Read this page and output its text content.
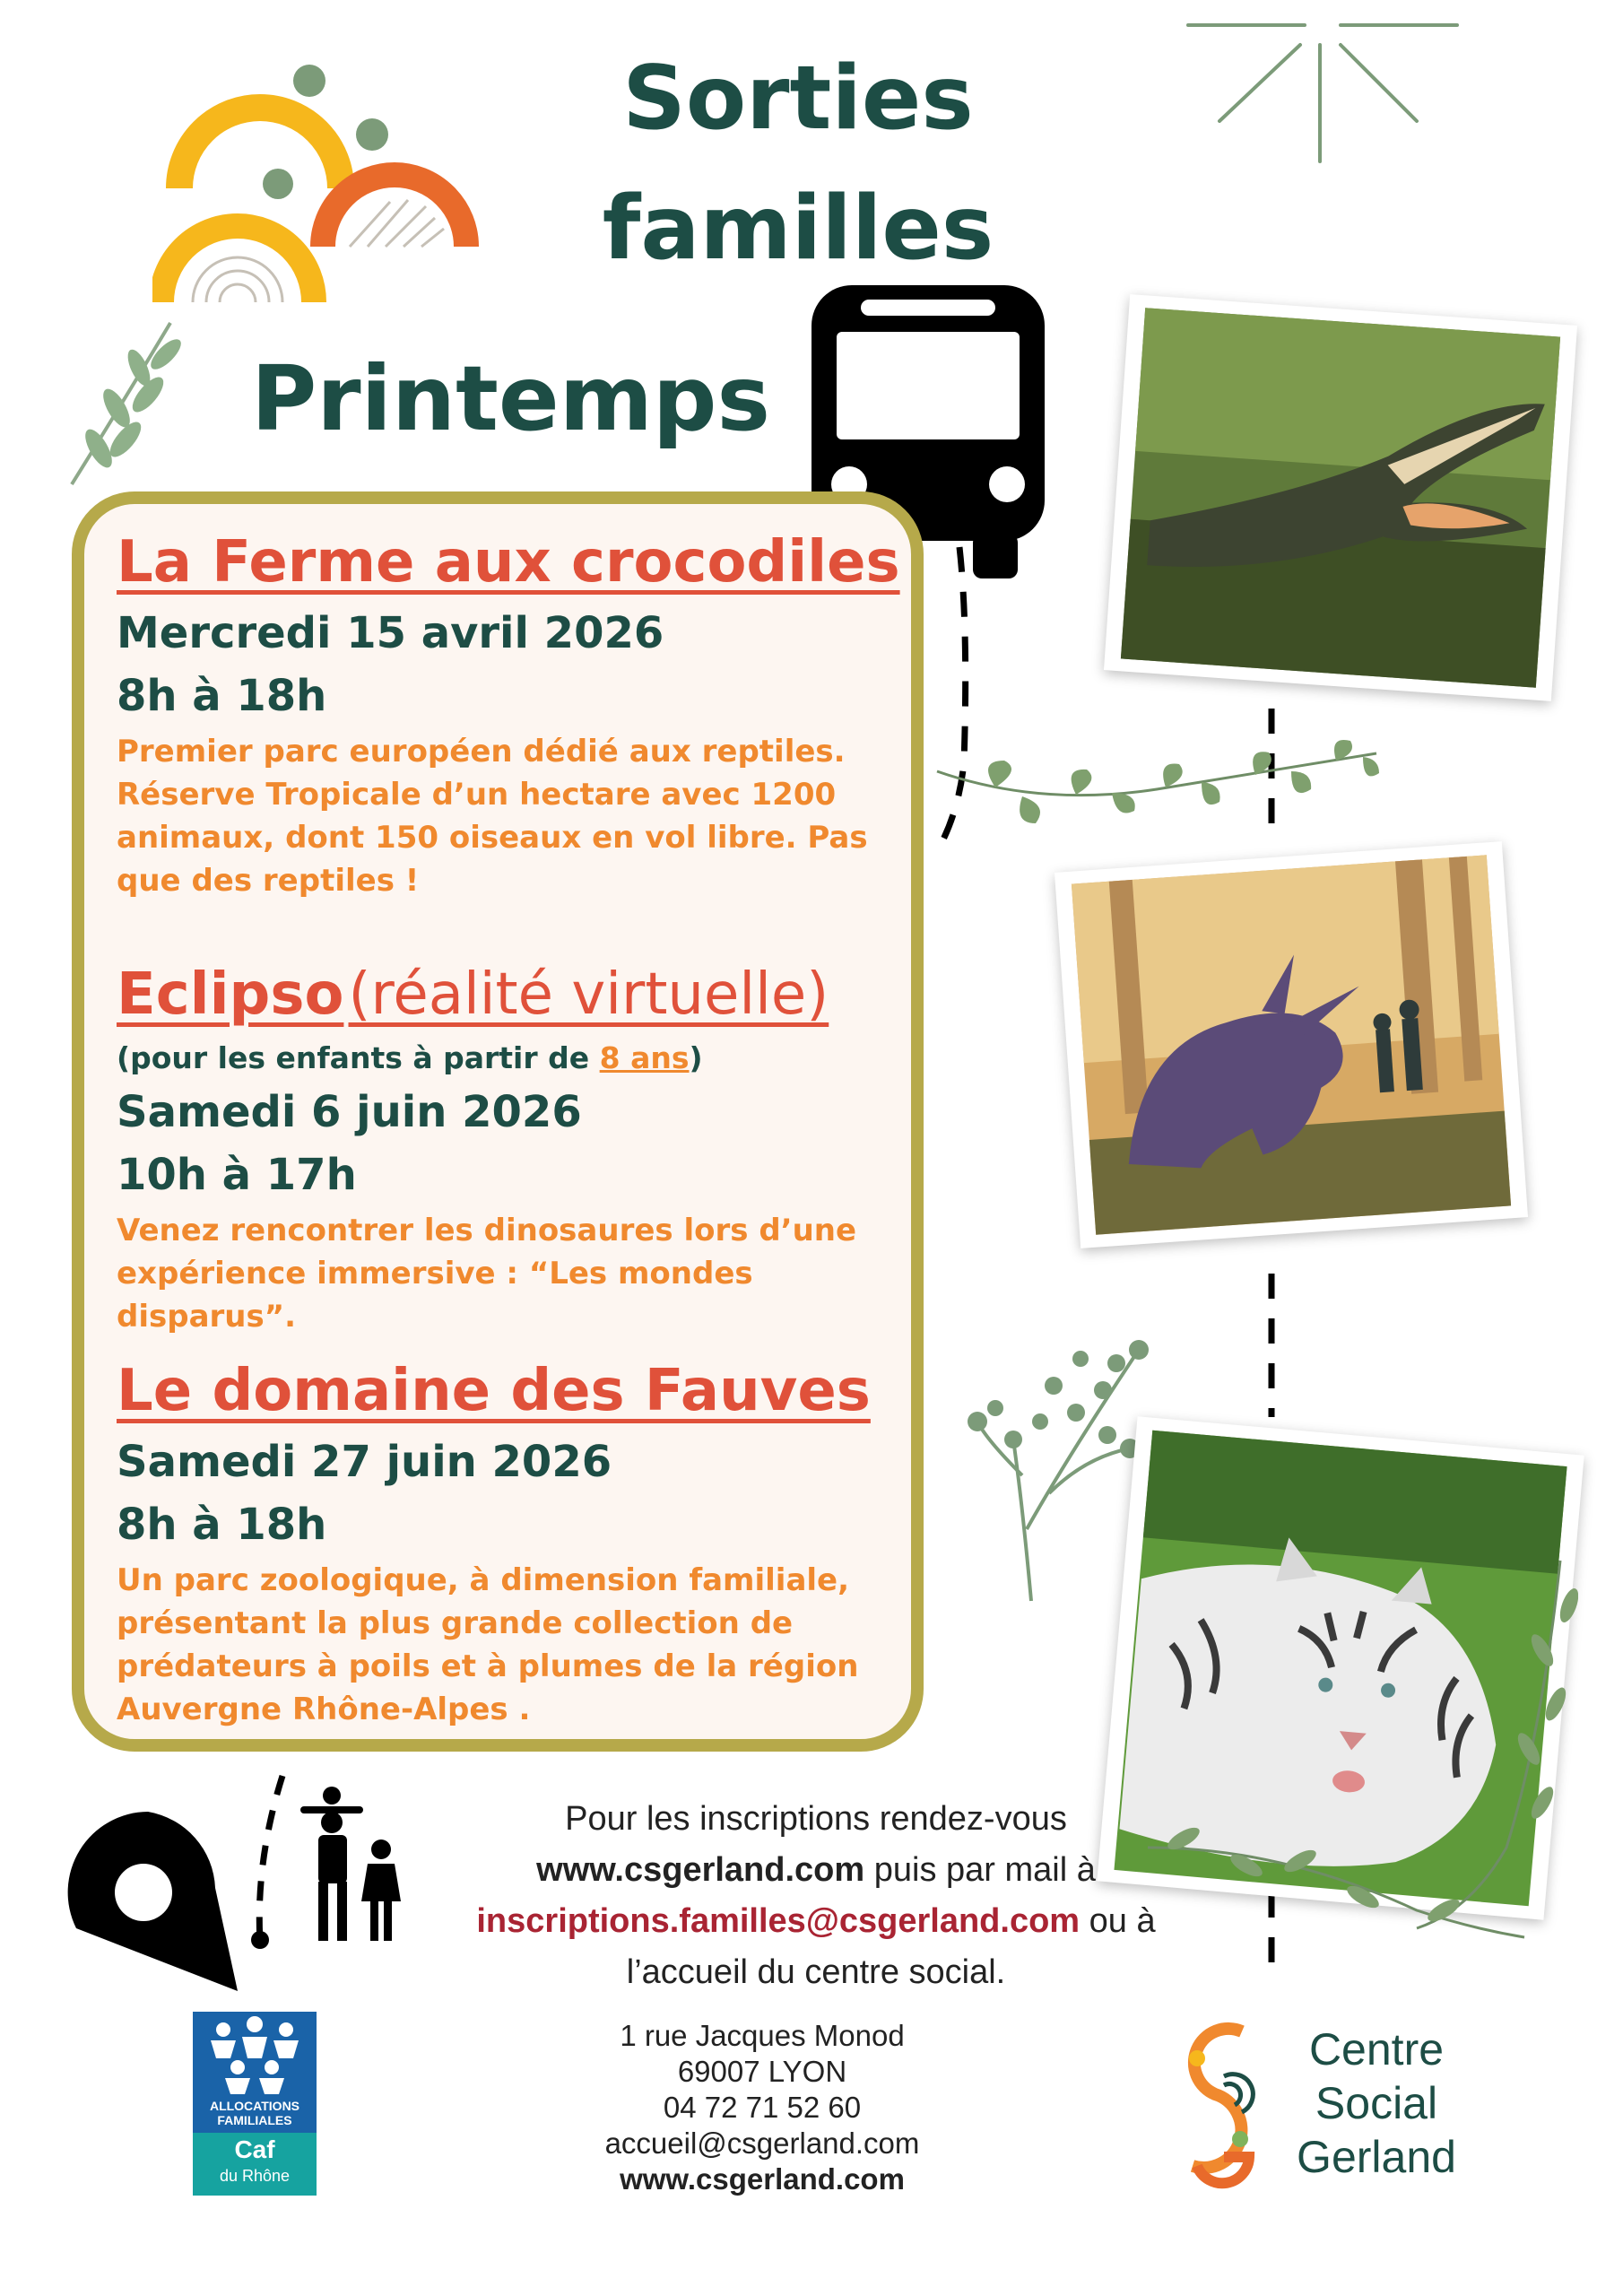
Sorties
familles
Printemps
La Ferme aux crocodiles
Mercredi 15 avril 2026
8h à 18h
Premier parc européen dédié aux reptiles. Réserve Tropicale d’un hectare avec 1200 animaux, dont 150 oiseaux en vol libre. Pas que des reptiles !
Eclipso (réalité virtuelle)
(pour les enfants à partir de 8 ans)
Samedi 6 juin 2026
10h à 17h
Venez rencontrer les dinosaures lors d’une expérience immersive : “Les mondes disparus”.
Le domaine des Fauves
Samedi 27 juin 2026
8h à 18h
Un parc zoologique, à dimension familiale, présentant la plus grande collection de prédateurs à poils et à plumes de la région Auvergne Rhône-Alpes .
Pour les inscriptions rendez-vous
www.csgerland.com puis par mail à
inscriptions.familles@csgerland.com ou à
l’accueil du centre social.
ALLOCATIONS
FAMILIALES
Caf
du Rhône
1 rue Jacques Monod
69007 LYON
04 72 71 52 60
accueil@csgerland.com
www.csgerland.com
Centre
Social
Gerland
